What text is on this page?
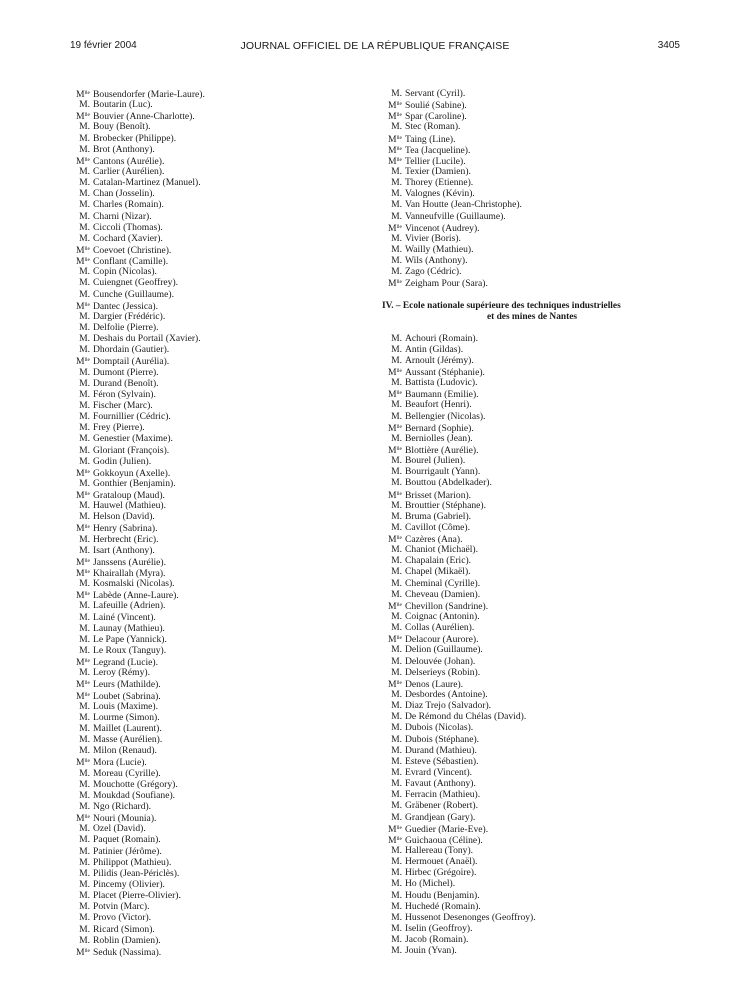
19 février 2004	JOURNAL OFFICIEL DE LA RÉPUBLIQUE FRANÇAISE	3405
$M^{lle}$ Bousendorfer (Marie-Laure).
M. Boutarin (Luc).
$M^{lle}$ Bouvier (Anne-Charlotte).
M. Bouy (Benoît).
M. Brobecker (Philippe).
M. Brot (Anthony).
$M^{lle}$ Cantons (Aurélie).
M. Carlier (Aurélien).
M. Catalan-Martinez (Manuel).
M. Chan (Josselin).
M. Charles (Romain).
M. Charni (Nizar).
M. Ciccoli (Thomas).
M. Cochard (Xavier).
$M^{lle}$ Coevoet (Christine).
$M^{lle}$ Conflant (Camille).
M. Copin (Nicolas).
M. Cuiengnet (Geoffrey).
M. Cunche (Guillaume).
$M^{lle}$ Dantec (Jessica).
M. Dargier (Frédéric).
M. Delfolie (Pierre).
M. Deshais du Portail (Xavier).
M. Dhordain (Gautier).
$M^{lle}$ Domptail (Aurélia).
M. Dumont (Pierre).
M. Durand (Benoît).
M. Féron (Sylvain).
M. Fischer (Marc).
M. Fournillier (Cédric).
M. Frey (Pierre).
M. Genestier (Maxime).
M. Gloriant (François).
M. Godin (Julien).
$M^{lle}$ Gokkoyun (Axelle).
M. Gonthier (Benjamin).
$M^{lle}$ Grataloup (Maud).
M. Hauwel (Mathieu).
M. Helson (David).
$M^{lle}$ Henry (Sabrina).
M. Herbrecht (Eric).
M. Isart (Anthony).
$M^{lle}$ Janssens (Aurélie).
$M^{lle}$ Khairallah (Myra).
M. Kosmalski (Nicolas).
$M^{lle}$ Labède (Anne-Laure).
M. Lafeuille (Adrien).
M. Lainé (Vincent).
M. Launay (Mathieu).
M. Le Pape (Yannick).
M. Le Roux (Tanguy).
$M^{lle}$ Legrand (Lucie).
M. Leroy (Rémy).
$M^{lle}$ Leurs (Mathilde).
$M^{lle}$ Loubet (Sabrina).
M. Louis (Maxime).
M. Lourme (Simon).
M. Maillet (Laurent).
M. Masse (Aurélien).
M. Milon (Renaud).
$M^{lle}$ Mora (Lucie).
M. Moreau (Cyrille).
M. Mouchotte (Grégory).
M. Moukdad (Soufiane).
M. Ngo (Richard).
$M^{lle}$ Nouri (Mounia).
M. Ozel (David).
M. Paquet (Romain).
M. Patinier (Jérôme).
M. Philippot (Mathieu).
M. Pilidis (Jean-Périclès).
M. Pincemy (Olivier).
M. Placet (Pierre-Olivier).
M. Potvin (Marc).
M. Provo (Victor).
M. Ricard (Simon).
M. Roblin (Damien).
$M^{lle}$ Seduk (Nassima).
M. Servant (Cyril).
$M^{lle}$ Soulié (Sabine).
$M^{lle}$ Spar (Caroline).
M. Stec (Roman).
$M^{lle}$ Taing (Line).
$M^{lle}$ Tea (Jacqueline).
$M^{lle}$ Tellier (Lucile).
M. Texier (Damien).
M. Thorey (Etienne).
M. Valognes (Kévin).
M. Van Houtte (Jean-Christophe).
M. Vanneufville (Guillaume).
$M^{lle}$ Vincenot (Audrey).
M. Vivier (Boris).
M. Wailly (Mathieu).
M. Wils (Anthony).
M. Zago (Cédric).
$M^{lle}$ Zeigham Pour (Sara).
IV. – Ecole nationale supérieure des techniques industrielles
et des mines de Nantes
M. Achouri (Romain).
M. Antin (Gildas).
M. Arnoult (Jérémy).
$M^{lle}$ Aussant (Stéphanie).
M. Battista (Ludovic).
$M^{lle}$ Baumann (Emilie).
M. Beaufort (Henri).
M. Bellengier (Nicolas).
$M^{lle}$ Bernard (Sophie).
M. Berniolles (Jean).
$M^{lle}$ Blottière (Aurélie).
M. Bourel (Julien).
M. Bourrigault (Yann).
M. Bouttou (Abdelkader).
$M^{lle}$ Brisset (Marion).
M. Brouttier (Stéphane).
M. Bruma (Gabriel).
M. Cavillot (Côme).
$M^{lle}$ Cazères (Ana).
M. Chaniot (Michaël).
M. Chapalain (Eric).
M. Chapel (Mikaël).
M. Cheminal (Cyrille).
M. Cheveau (Damien).
$M^{lle}$ Chevillon (Sandrine).
M. Coignac (Antonin).
M. Collas (Aurélien).
$M^{lle}$ Delacour (Aurore).
M. Delion (Guillaume).
M. Delouvée (Johan).
M. Delserieys (Robin).
$M^{lle}$ Denos (Laure).
M. Desbordes (Antoine).
M. Diaz Trejo (Salvador).
M. De Rémond du Chélas (David).
M. Dubois (Nicolas).
M. Dubois (Stéphane).
M. Durand (Mathieu).
M. Esteve (Sébastien).
M. Evrard (Vincent).
M. Favaut (Anthony).
M. Ferracin (Mathieu).
M. Gräbener (Robert).
M. Grandjean (Gary).
$M^{lle}$ Guedier (Marie-Eve).
$M^{lle}$ Guichaoua (Céline).
M. Hallereau (Tony).
M. Hermouet (Anaël).
M. Hirbec (Grégoire).
M. Ho (Michel).
M. Houdu (Benjamin).
M. Huchedé (Romain).
M. Hussenot Desenonges (Geoffroy).
M. Iselin (Geoffroy).
M. Jacob (Romain).
M. Jouin (Yvan).
